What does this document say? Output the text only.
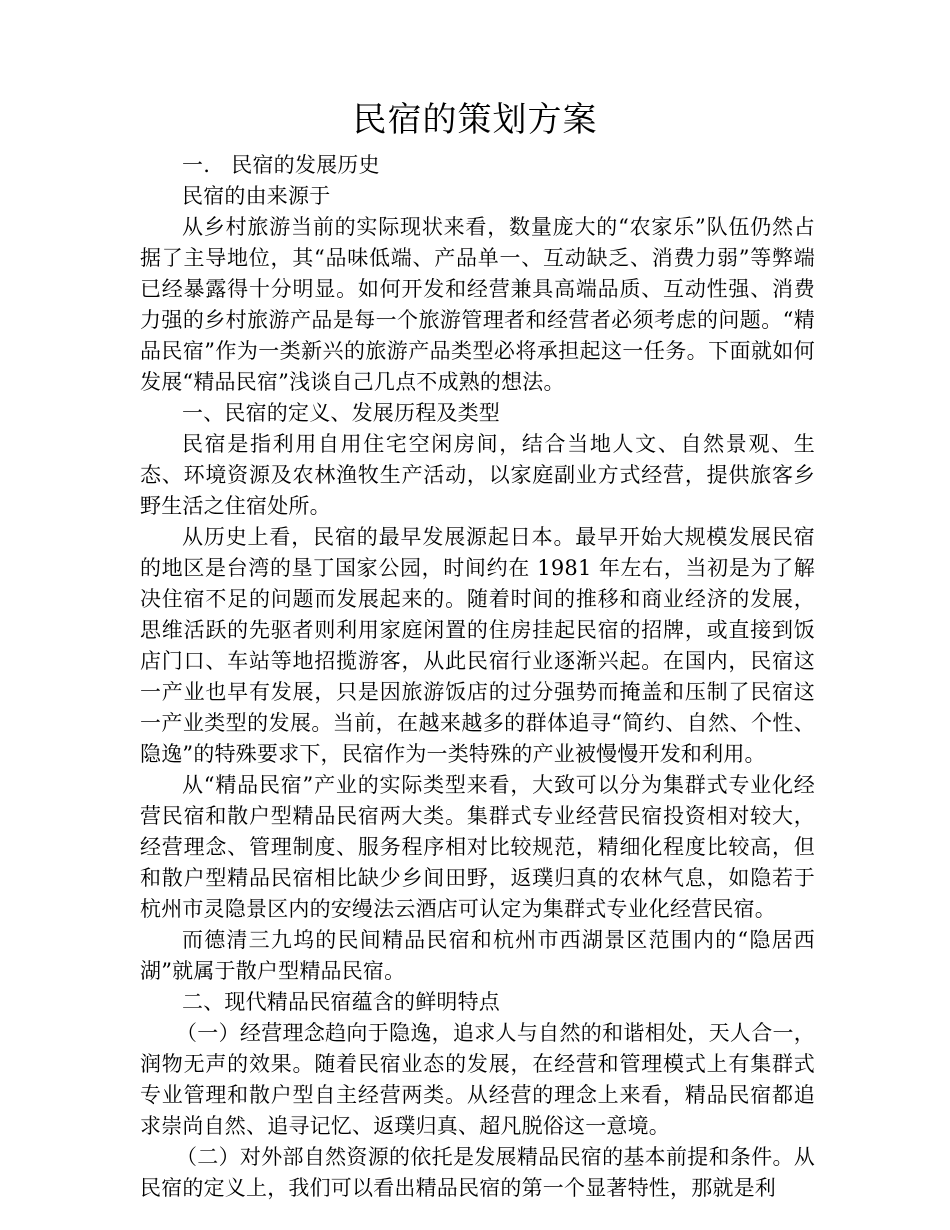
民宿的策划方案

一.　民宿的发展历史

民宿的由来源于

从乡村旅游当前的实际现状来看，数量庞大的“农家乐”队伍仍然占据了主导地位，其“品味低端、产品单一、互动缺乏、消费力弱”等弊端已经暴露得十分明显。如何开发和经营兼具高端品质、互动性强、消费力强的乡村旅游产品是每一个旅游管理者和经营者必须考虑的问题。“精品民宿”作为一类新兴的旅游产品类型必将承担起这一任务。下面就如何发展“精品民宿”浅谈自己几点不成熟的想法。

一、民宿的定义、发展历程及类型

民宿是指利用自用住宅空闲房间，结合当地人文、自然景观、生态、环境资源及农林渔牧生产活动，以家庭副业方式经营，提供旅客乡野生活之住宿处所。

从历史上看，民宿的最早发展源起日本。最早开始大规模发展民宿的地区是台湾的垦丁国家公园，时间约在 1981 年左右，当初是为了解决住宿不足的问题而发展起来的。随着时间的推移和商业经济的发展，思维活跃的先驱者则利用家庭闲置的住房挂起民宿的招牌，或直接到饭店门口、车站等地招揽游客，从此民宿行业逐渐兴起。在国内，民宿这一产业也早有发展，只是因旅游饭店的过分强势而掩盖和压制了民宿这一产业类型的发展。当前，在越来越多的群体追寻“简约、自然、个性、隐逸”的特殊要求下，民宿作为一类特殊的产业被慢慢开发和利用。

从“精品民宿”产业的实际类型来看，大致可以分为集群式专业化经营民宿和散户型精品民宿两大类。集群式专业经营民宿投资相对较大，经营理念、管理制度、服务程序相对比较规范，精细化程度比较高，但和散户型精品民宿相比缺少乡间田野，返璞归真的农林气息，如隐若于杭州市灵隐景区内的安缦法云酒店可认定为集群式专业化经营民宿。

而德清三九坞的民间精品民宿和杭州市西湖景区范围内的“隐居西湖”就属于散户型精品民宿。

二、现代精品民宿蕴含的鲜明特点

（一）经营理念趋向于隐逸，追求人与自然的和谐相处，天人合一，润物无声的效果。随着民宿业态的发展，在经营和管理模式上有集群式专业管理和散户型自主经营两类。从经营的理念上来看，精品民宿都追求崇尚自然、追寻记忆、返璞归真、超凡脱俗这一意境。

（二）对外部自然资源的依托是发展精品民宿的基本前提和条件。从民宿的定义上，我们可以看出精品民宿的第一个显著特性，那就是利
